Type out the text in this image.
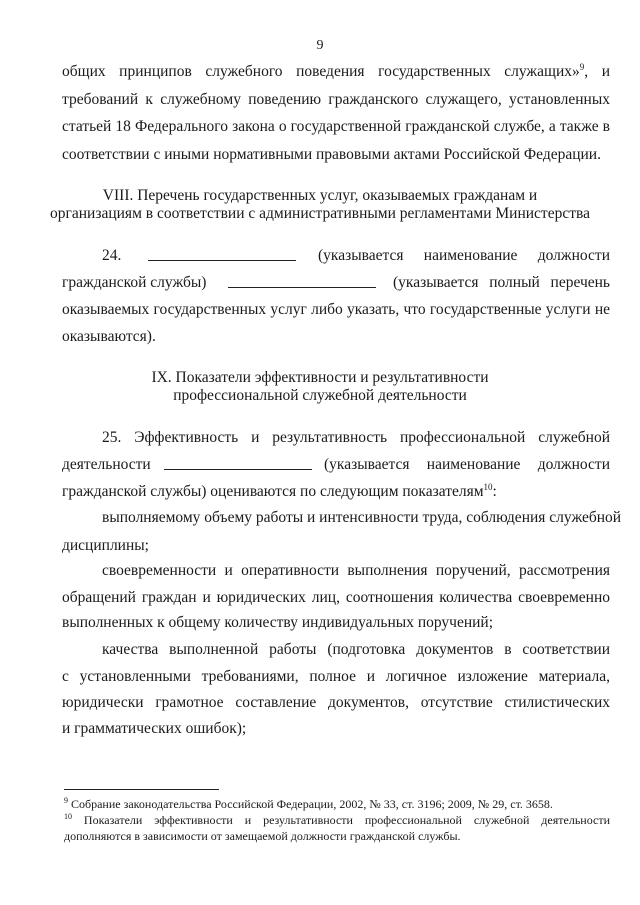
9
общих принципов служебного поведения государственных служащих»$^9$, и
требований к служебному поведению гражданского служащего, установленных
статьей 18 Федерального закона о государственной гражданской службе, а также в
соответствии с иными нормативными правовыми актами Российской Федерации.
VIII. Перечень государственных услуг, оказываемых гражданам и
организациям в соответствии с административными регламентами Министерства
24.	(указывается наименование должности
гражданской службы)	(указывается полный перечень
оказываемых государственных услуг либо указать, что государственные услуги не
оказываются).
IX. Показатели эффективности и результативности
профессиональной служебной деятельности
25. Эффективность и результативность профессиональной служебной
деятельности	(указывается наименование должности
гражданской службы) оцениваются по следующим показателям$^{10}$:
выполняемому объему работы и интенсивности труда, соблюдения служебной
дисциплины;
своевременности и оперативности выполнения поручений, рассмотрения
обращений граждан и юридических лиц, соотношения количества своевременно
выполненных к общему количеству индивидуальных поручений;
качества выполненной работы (подготовка документов в соответствии
с установленными требованиями, полное и логичное изложение материала,
юридически грамотное составление документов, отсутствие стилистических
и грамматических ошибок);
$^9$ Собрание законодательства Российской Федерации, 2002, № 33, ст. 3196; 2009, № 29, ст. 3658.
$^{10}$ Показатели эффективности и результативности профессиональной служебной деятельности
дополняются в зависимости от замещаемой должности гражданской службы.
